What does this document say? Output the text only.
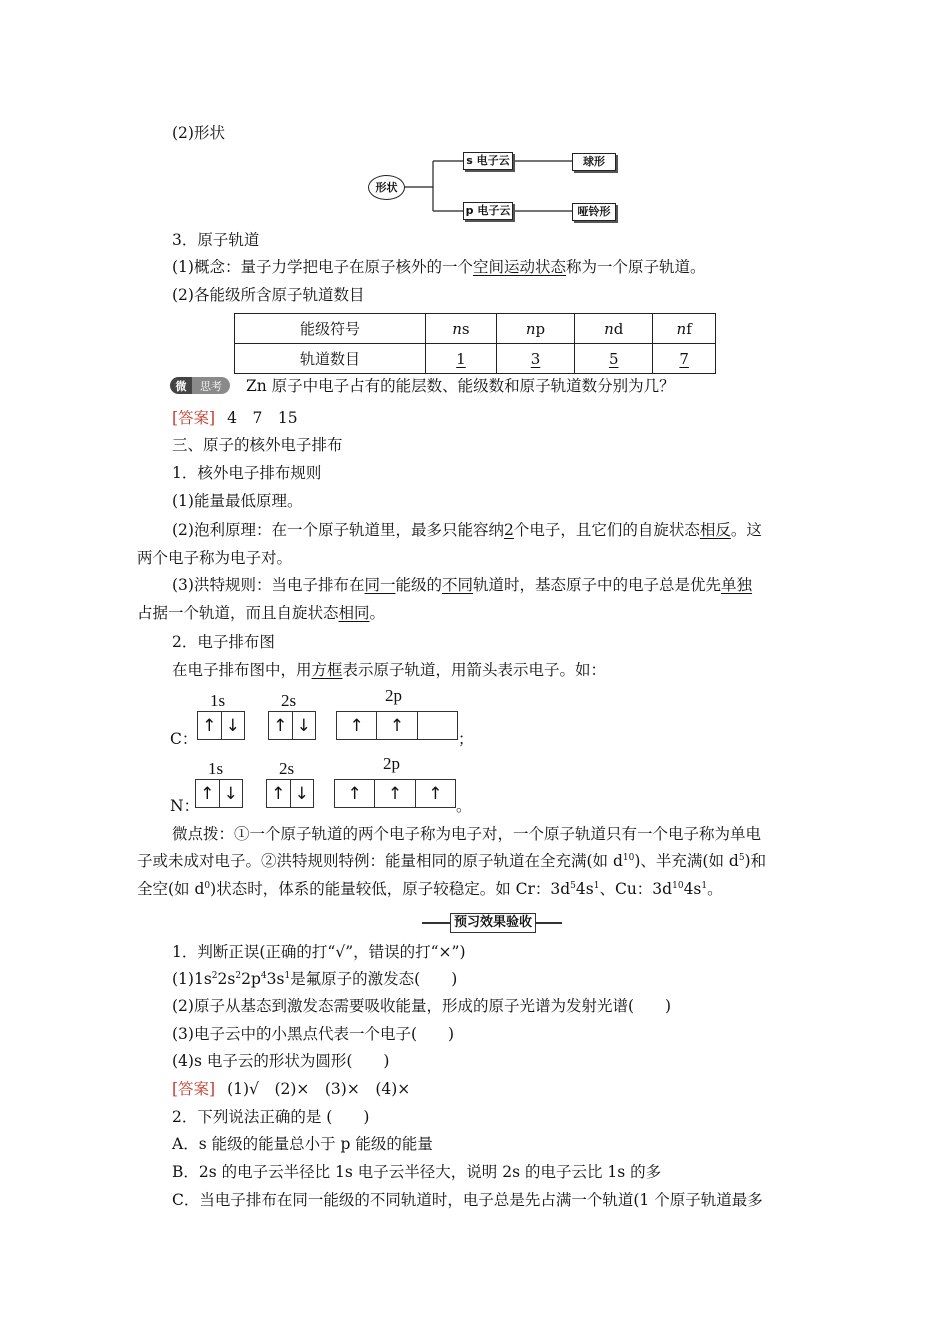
(2)形状
形状
s 电子云	球形
p 电子云	哑铃形
3．原子轨道
(1)概念：量子力学把电子在原子核外的一个空间运动状态称为一个原子轨道。
(2)各能级所含原子轨道数目
能级符号	ns	np	nd	nf
轨道数目	1	3	5	7
微	思考	Zn 原子中电子占有的能层数、能级数和原子轨道数分别为几？
[答案] 4　7　15
三、原子的核外电子排布
1．核外电子排布规则
(1)能量最低原理。
(2)泡利原理：在一个原子轨道里，最多只能容纳2个电子，且它们的自旋状态相反。这
两个电子称为电子对。
(3)洪特规则：当电子排布在同一能级的不同轨道时，基态原子中的电子总是优先单独
占据一个轨道，而且自旋状态相同。
2．电子排布图
在电子排布图中，用方框表示原子轨道，用箭头表示电子。如：
1s	2s	2p
↑ ↓ ↑ ↓	↑	↑
C：	；
1s	2s	2p
↑ ↓ ↑ ↓	↑	↑	↑
N：	。
微点拨：①一个原子轨道的两个电子称为电子对，一个原子轨道只有一个电子称为单电
子或未成对电子。②洪特规则特例：能量相同的原子轨道在全充满(如 $d^{10}$)、半充满(如 $d^5$)和
全空(如 $d^0$)状态时，体系的能量较低，原子较稳定。如 Cr：$3d^54s^1$、Cu：$3d^{10}4s^1$。
预习效果验收
1．判断正误(正确的打“√”，错误的打“×”)
$(1)1s^22s^22p^43s^1$是氟原子的激发态(　　)
(2)原子从基态到激发态需要吸收能量，形成的原子光谱为发射光谱(　　)
(3)电子云中的小黑点代表一个电子(　　)
(4)s 电子云的形状为圆形(　　)
[答案] (1)√　(2)×　(3)×　(4)×
2．下列说法正确的是 (　　)
A．s 能级的能量总小于 p 能级的能量
B．2s 的电子云半径比 1s 电子云半径大，说明 2s 的电子云比 1s 的多
C．当电子排布在同一能级的不同轨道时，电子总是先占满一个轨道(1 个原子轨道最多
